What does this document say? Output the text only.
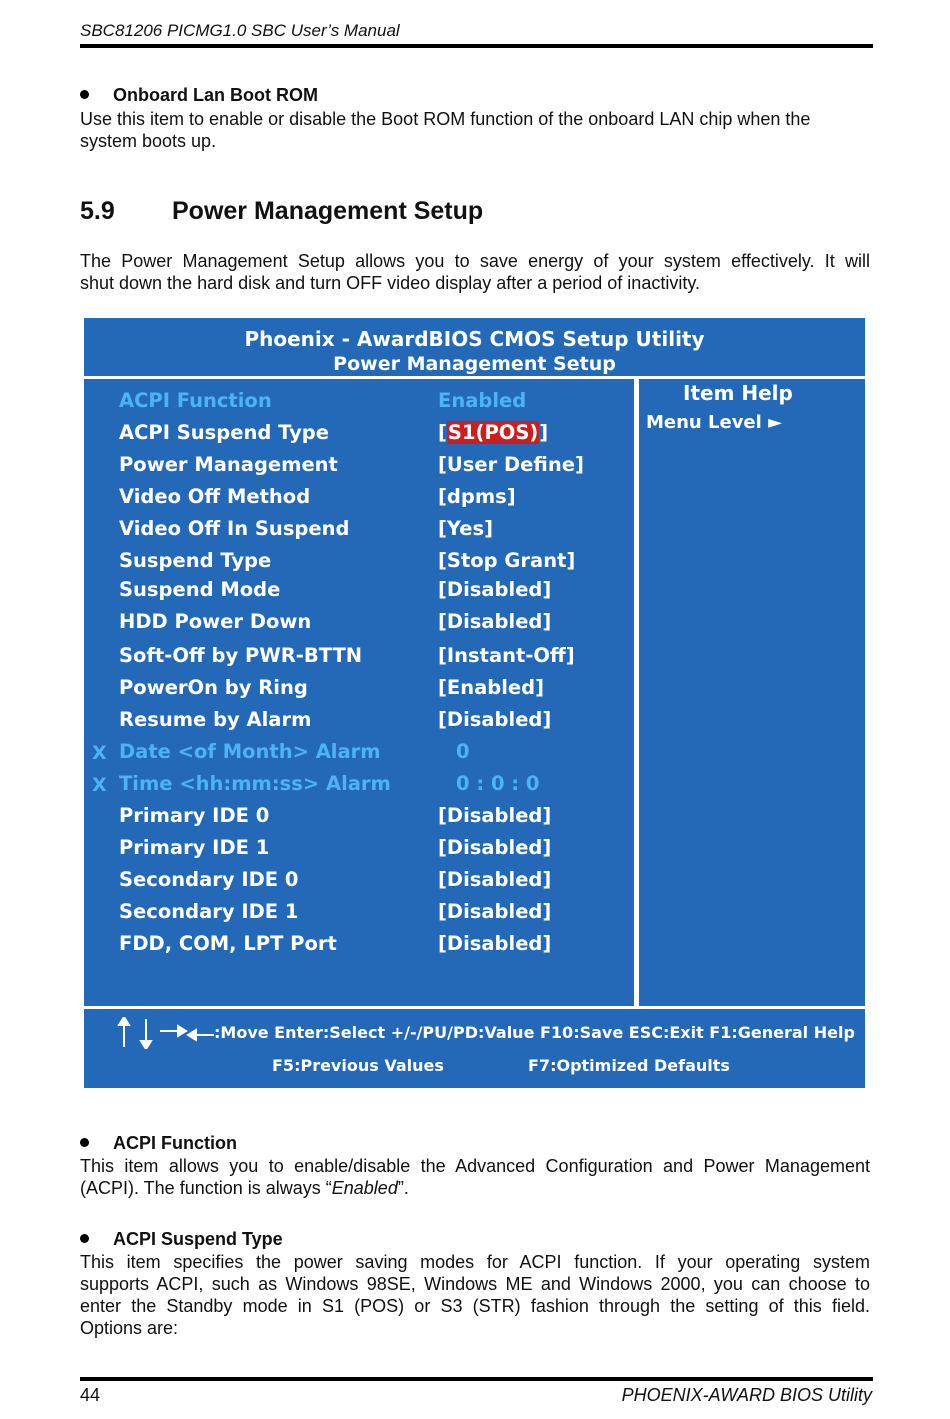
SBC81206 PICMG1.0 SBC User’s Manual
Onboard Lan Boot ROM
Use this item to enable or disable the Boot ROM function of the onboard LAN chip when the
system boots up.
5.9 Power Management Setup
The Power Management Setup allows you to save energy of your system effectively. It will
shut down the hard disk and turn OFF video display after a period of inactivity.
Phoenix - AwardBIOS CMOS Setup Utility
Power Management Setup
ACPI Function	Enabled
ACPI Suspend Type	[S1(POS)]
Power Management	[User Define]
Video Off Method	[dpms]
Video Off In Suspend	[Yes]
Suspend Type	[Stop Grant]
Suspend Mode	[Disabled]
HDD Power Down	[Disabled]
Soft-Off by PWR-BTTN	[Instant-Off]
PowerOn by Ring	[Enabled]
Resume by Alarm	[Disabled]
X Date <of Month> Alarm	0
X Time <hh:mm:ss> Alarm	0 : 0 : 0
Primary IDE 0	[Disabled]
Primary IDE 1	[Disabled]
Secondary IDE 0	[Disabled]
Secondary IDE 1	[Disabled]
FDD, COM, LPT Port	[Disabled]
Item Help
Menu Level ►
:Move Enter:Select +/-/PU/PD:Value F10:Save ESC:Exit F1:General Help
F5:Previous Values	F7:Optimized Defaults
ACPI Function
This item allows you to enable/disable the Advanced Configuration and Power Management
(ACPI). The function is always “Enabled”.
ACPI Suspend Type
This item specifies the power saving modes for ACPI function. If your operating system
supports ACPI, such as Windows 98SE, Windows ME and Windows 2000, you can choose to
enter the Standby mode in S1 (POS) or S3 (STR) fashion through the setting of this field.
Options are:
44	PHOENIX-AWARD BIOS Utility
